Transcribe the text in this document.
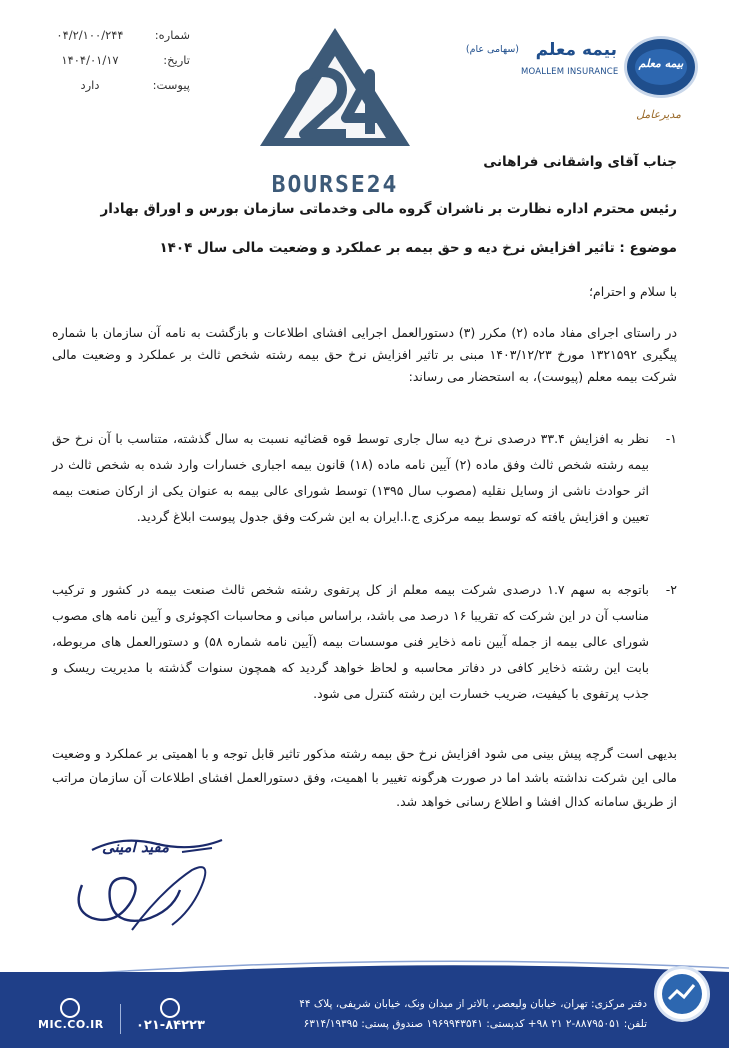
۰۴/۲/۱۰۰/۲۴۴	شماره:
۱۴۰۴/۰۱/۱۷	تاریخ:
دارد	پیوست:
BOURSE24
بیمه معلم
بیمه معلم
(سهامی عام)
MOALLEM INSURANCE
مدیرعامل
جناب آقای واشقانی فراهانی
رئیس محترم اداره نظارت بر ناشران گروه مالی وخدماتی سازمان بورس و اوراق بهادار
موضوع : تاثیر افزایش نرخ دیه و حق بیمه بر عملکرد و وضعیت مالی سال ۱۴۰۴
با سلام و احترام؛
در راستای اجرای مفاد ماده (۲) مکرر (۳) دستورالعمل اجرایی افشای اطلاعات و بازگشت به نامه آن سازمان با شماره پیگیری ۱۳۲۱۵۹۲ مورخ ۱۴۰۳/۱۲/۲۳ مبنی بر تاثیر افزایش نرخ حق بیمه رشته شخص ثالث بر عملکرد و وضعیت مالی شرکت بیمه معلم (پیوست)، به استحضار می رساند:
۱-
نظر به افزایش ۳۳.۴ درصدی نرخ دیه سال جاری توسط قوه قضائیه نسبت به سال گذشته، متناسب با آن نرخ حق بیمه رشته شخص ثالث وفق ماده (۲) آیین نامه ماده (۱۸) قانون بیمه اجباری خسارات وارد شده به شخص ثالث در اثر حوادث ناشی از وسایل نقلیه (مصوب سال ۱۳۹۵) توسط شورای عالی بیمه به عنوان یکی از ارکان صنعت بیمه تعیین و افزایش یافته که توسط بیمه مرکزی ج.ا.ایران به این شرکت وفق جدول پیوست ابلاغ گردید.
۲-
باتوجه به سهم ۱.۷ درصدی شرکت بیمه معلم از کل پرتفوی رشته شخص ثالث صنعت بیمه در کشور و ترکیب مناسب آن در این شرکت که تقریبا ۱۶ درصد می باشد، براساس مبانی و محاسبات اکچوئری و آیین نامه های مصوب شورای عالی بیمه از جمله آیین نامه ذخایر فنی موسسات بیمه (آیین نامه شماره ۵۸) و دستورالعمل های مربوطه، بابت این رشته ذخایر کافی در دفاتر محاسبه و لحاظ خواهد گردید که همچون سنوات گذشته با مدیریت ریسک و جذب پرتفوی با کیفیت، ضریب خسارت این رشته کنترل می شود.
بدیهی است گرچه پیش بینی می شود افزایش نرخ حق بیمه رشته مذکور تاثیر قابل توجه و با اهمیتی بر عملکرد و وضعیت مالی این شرکت نداشته باشد اما در صورت هرگونه تغییر با اهمیت، وفق دستورالعمل افشای اطلاعات آن سازمان مراتب از طریق سامانه کدال افشا و اطلاع رسانی خواهد شد.
مفید امینی
دفتر مرکزی: تهران، خیابان ولیعصر، بالاتر از میدان ونک، خیابان شریفی، پلاک ۴۴
تلفن: ۸۸۷۹۵۰۵۱-۲ ۲۱ ۹۸+ کدپستی: ۱۹۶۹۹۴۳۵۴۱ صندوق پستی: ۶۳۱۴/۱۹۳۹۵
MIC.CO.IR ۰۲۱-۸۴۲۲۳
